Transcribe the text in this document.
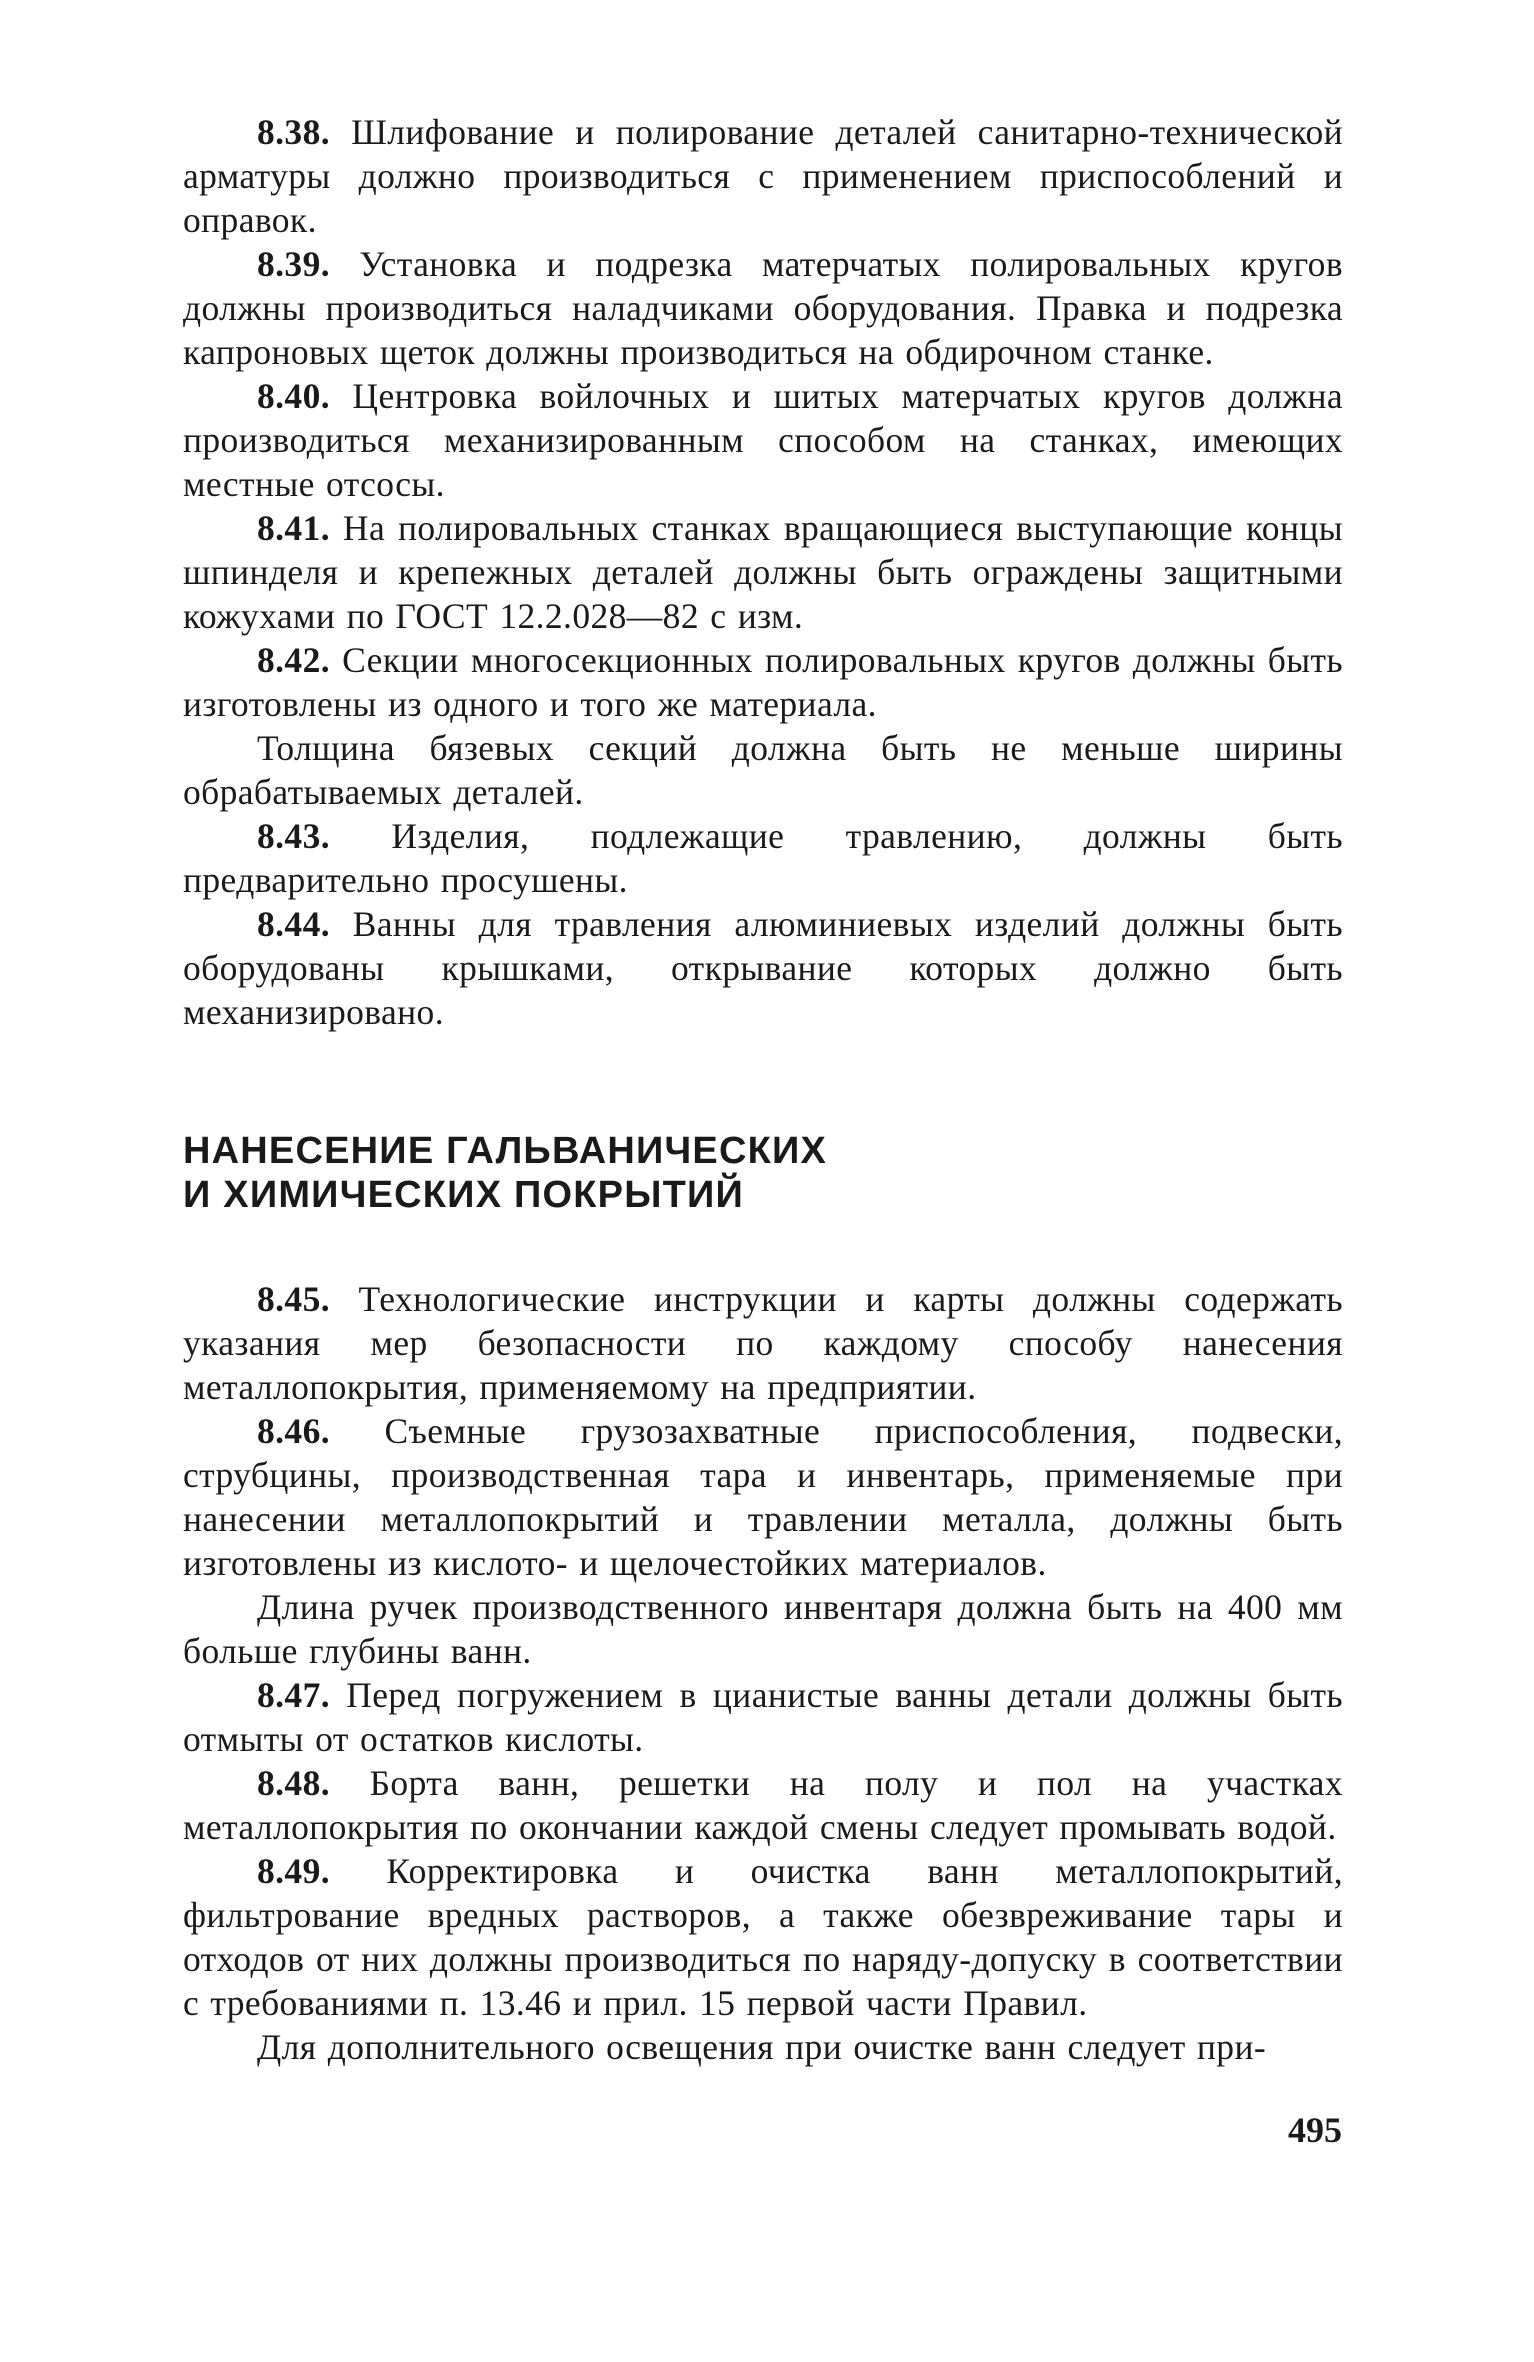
8.38. Шлифование и полирование деталей санитарно-технической арматуры должно производиться с применением приспособлений и оправок.

8.39. Установка и подрезка матерчатых полировальных кругов должны производиться наладчиками оборудования. Правка и подрезка капроновых щеток должны производиться на обдирочном станке.

8.40. Центровка войлочных и шитых матерчатых кругов должна производиться механизированным способом на станках, имеющих местные отсосы.

8.41. На полировальных станках вращающиеся выступающие концы шпинделя и крепежных деталей должны быть ограждены защитными кожухами по ГОСТ 12.2.028—82 с изм.

8.42. Секции многосекционных полировальных кругов должны быть изготовлены из одного и того же материала.

Толщина бязевых секций должна быть не меньше ширины обрабатываемых деталей.

8.43. Изделия, подлежащие травлению, должны быть предварительно просушены.

8.44. Ванны для травления алюминиевых изделий должны быть оборудованы крышками, открывание которых должно быть механизировано.

НАНЕСЕНИЕ ГАЛЬВАНИЧЕСКИХ
И ХИМИЧЕСКИХ ПОКРЫТИЙ

8.45. Технологические инструкции и карты должны содержать указания мер безопасности по каждому способу нанесения металлопокрытия, применяемому на предприятии.

8.46. Съемные грузозахватные приспособления, подвески, струбцины, производственная тара и инвентарь, применяемые при нанесении металлопокрытий и травлении металла, должны быть изготовлены из кислото- и щелочестойких материалов.

Длина ручек производственного инвентаря должна быть на 400 мм больше глубины ванн.

8.47. Перед погружением в цианистые ванны детали должны быть отмыты от остатков кислоты.

8.48. Борта ванн, решетки на полу и пол на участках металлопокрытия по окончании каждой смены следует промывать водой.

8.49. Корректировка и очистка ванн металлопокрытий, фильтрование вредных растворов, а также обезвреживание тары и отходов от них должны производиться по наряду-допуску в соответствии с требованиями п. 13.46 и прил. 15 первой части Правил.

Для дополнительного освещения при очистке ванн следует при-

495
